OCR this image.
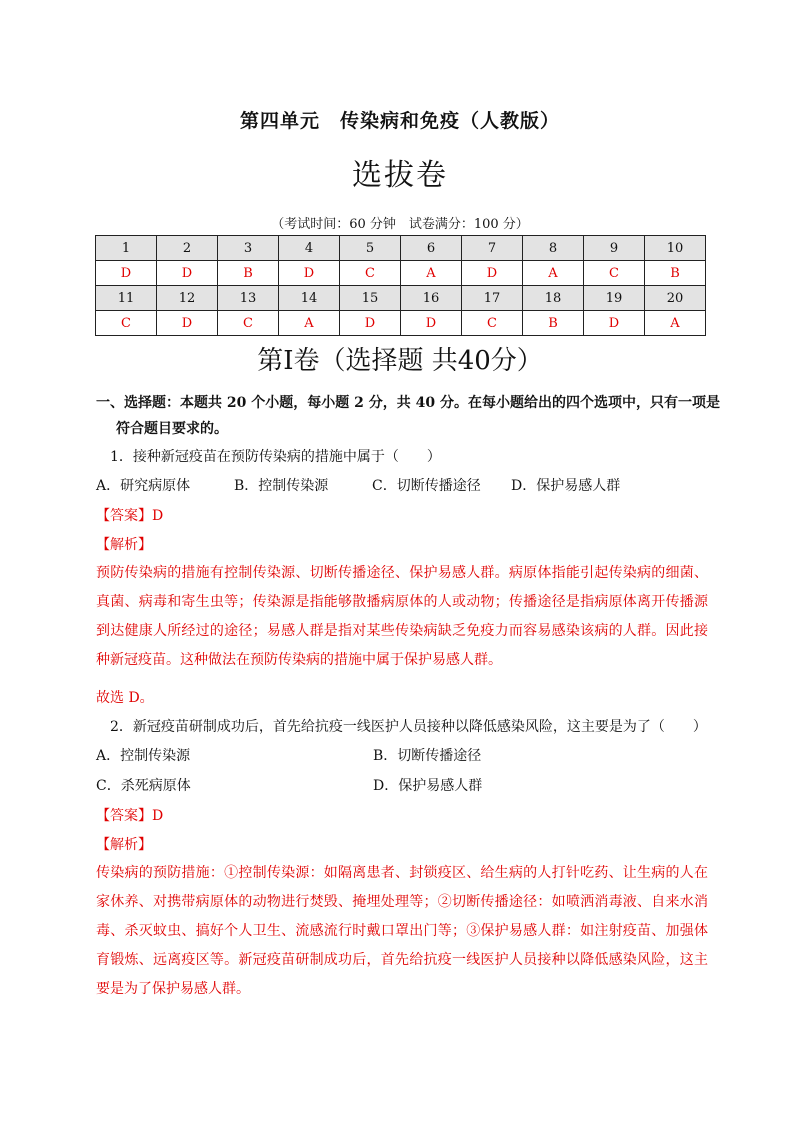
第四单元　传染病和免疫（人教版）
选拔卷
（考试时间：60 分钟　试卷满分：100 分）
1	2	3	4	5	6	7	8	9	10
D	D	B	D	C	A	D	A	C	B
11	12	13	14	15	16	17	18	19	20
C	D	C	A	D	D	C	B	D	A
第Ⅰ卷（选择题 共40分）
一、选择题：本题共 20 个小题，每小题 2 分，共 40 分。在每小题给出的四个选项中，只有一项是
符合题目要求的。
1．接种新冠疫苗在预防传染病的措施中属于（　　）
A．研究病原体	B．控制传染源	C．切断传播途径 D．保护易感人群
【答案】D
【解析】
预防传染病的措施有控制传染源、切断传播途径、保护易感人群。病原体指能引起传染病的细菌、真菌、病毒和寄生虫等；传染源是指能够散播病原体的人或动物；传播途径是指病原体离开传播源到达健康人所经过的途径；易感人群是指对某些传染病缺乏免疫力而容易感染该病的人群。因此接种新冠疫苗。这种做法在预防传染病的措施中属于保护易感人群。
故选 D。
2．新冠疫苗研制成功后，首先给抗疫一线医护人员接种以降低感染风险，这主要是为了（　　）
A．控制传染源	B．切断传播途径
C．杀死病原体	D．保护易感人群
【答案】D
【解析】
传染病的预防措施：①控制传染源：如隔离患者、封锁疫区、给生病的人打针吃药、让生病的人在家休养、对携带病原体的动物进行焚毁、掩埋处理等；②切断传播途径：如喷洒消毒液、自来水消毒、杀灭蚊虫、搞好个人卫生、流感流行时戴口罩出门等；③保护易感人群：如注射疫苗、加强体育锻炼、远离疫区等。新冠疫苗研制成功后，首先给抗疫一线医护人员接种以降低感染风险，这主要是为了保护易感人群。
